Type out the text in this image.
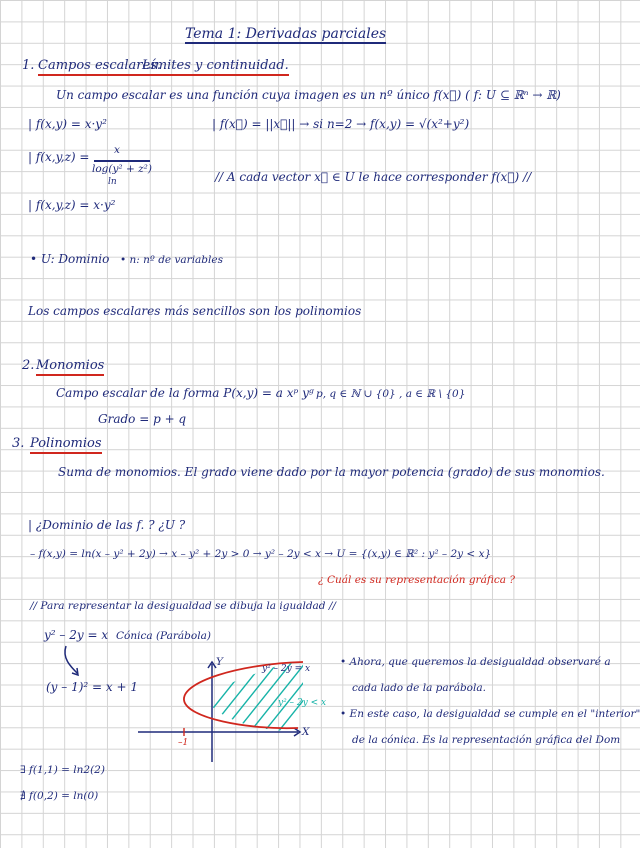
Tema 1: Derivadas parciales
1. Campos escalares.
Límites y continuidad.
Un campo escalar es una función cuya imagen es un nº único f(x⃗) ( f: U ⊆ ℝⁿ → ℝ)
| f(x,y) = x·y²	| f(x⃗) = ||x⃗|| → si n=2 → f(x,y) = √(x²+y²)
| f(x,y,z) = x
log(y² + z²)
ln	// A cada vector x⃗ ∈ U le hace corresponder f(x⃗) //
| f(x,y,z) = x·y²
• U: Dominio • n: nº de variables
Los campos escalares más sencillos son los polinomios
2. Monomios
Campo escalar de la forma P(x,y) = a xᵖ yᵍ p, q ∈ ℕ ∪ {0} , a ∈ ℝ \ {0}
Grado = p + q
3. Polinomios
Suma de monomios. El grado viene dado por la mayor potencia (grado) de sus monomios.
| ¿Dominio de las f. ? ¿U ?
– f(x,y) = ln(x – y² + 2y) → x – y² + 2y > 0 → y² – 2y < x → U = {(x,y) ∈ ℝ² : y² – 2y < x}
¿ Cuál es su representación gráfica ?
// Para representar la desigualdad se dibuja la igualdad //
y² – 2y = x Cónica (Parábola)
(y – 1)² = x + 1
Y
X
–1
y² – 2y = x
y² – 2y < x
• Ahora, que queremos la desigualdad observaré a
cada lado de la parábola.
• En este caso, la desigualdad se cumple en el "interior"
de la cónica. Es la representación gráfica del Dom
∃ f(1,1) = ln2(2)
∄ f(0,2) = ln(0)
